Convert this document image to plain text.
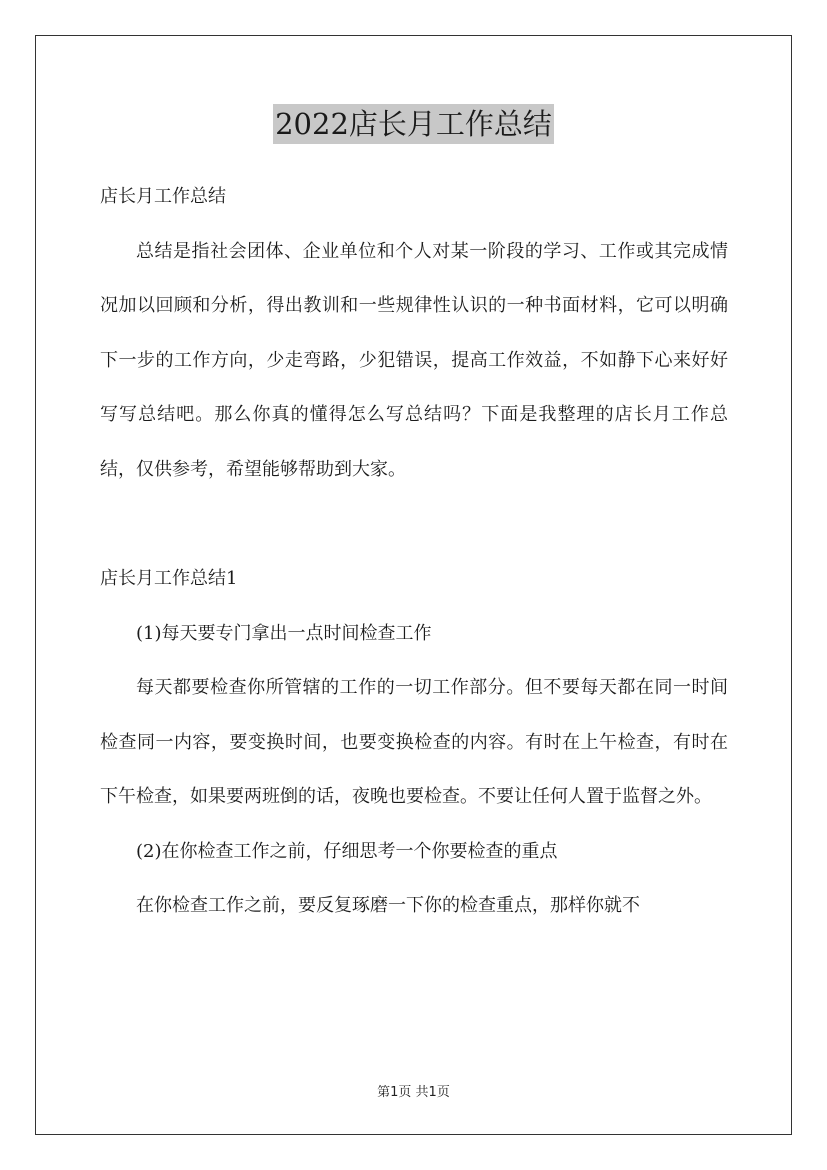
2022店长月工作总结

店长月工作总结

总结是指社会团体、企业单位和个人对某一阶段的学习、工作或其完成情况加以回顾和分析，得出教训和一些规律性认识的一种书面材料，它可以明确下一步的工作方向，少走弯路，少犯错误，提高工作效益，不如静下心来好好写写总结吧。那么你真的懂得怎么写总结吗？下面是我整理的店长月工作总结，仅供参考，希望能够帮助到大家。

店长月工作总结1

(1)每天要专门拿出一点时间检查工作

每天都要检查你所管辖的工作的一切工作部分。但不要每天都在同一时间检查同一内容，要变换时间，也要变换检查的内容。有时在上午检查，有时在下午检查，如果要两班倒的话，夜晚也要检查。不要让任何人置于监督之外。

(2)在你检查工作之前，仔细思考一个你要检查的重点

在你检查工作之前，要反复琢磨一下你的检查重点，那样你就不

第1页 共1页
